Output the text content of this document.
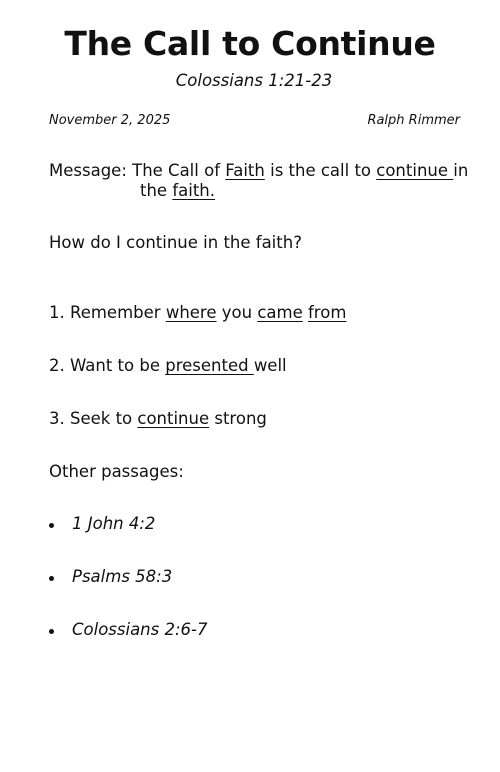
The Call to Continue
Colossians 1:21-23
November 2, 2025	Ralph Rimmer
Message: The Call of Faith is the call to continue in
the faith.
How do I continue in the faith?
1. Remember where you came from
2. Want to be presented well
3. Seek to continue strong
Other passages:
1 John 4:2
Psalms 58:3
Colossians 2:6-7
